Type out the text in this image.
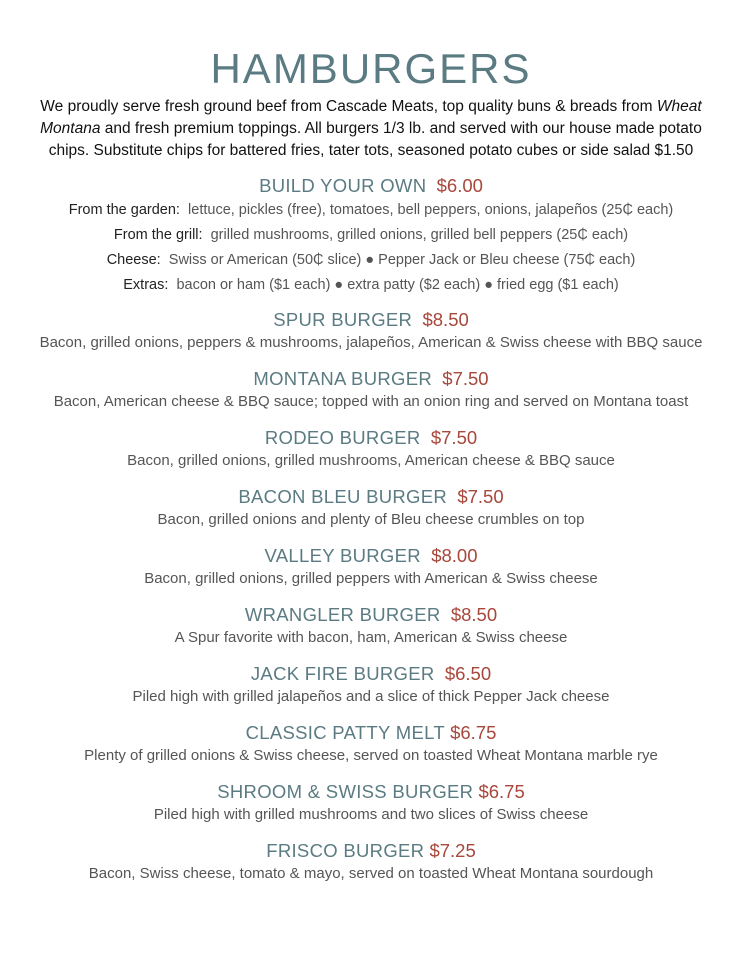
HAMBURGERS

We proudly serve fresh ground beef from Cascade Meats, top quality buns & breads from Wheat Montana and fresh premium toppings. All burgers 1/3 lb. and served with our house made potato chips. Substitute chips for battered fries, tater tots, seasoned potato cubes or side salad $1.50

BUILD YOUR OWN $6.00

From the garden: lettuce, pickles (free), tomatoes, bell peppers, onions, jalapeños (25₵ each)
From the grill: grilled mushrooms, grilled onions, grilled bell peppers (25₵ each)
Cheese: Swiss or American (50₵ slice) ● Pepper Jack or Bleu cheese (75₵ each)
Extras: bacon or ham ($1 each) ● extra patty ($2 each) ● fried egg ($1 each)

SPUR BURGER $8.50

Bacon, grilled onions, peppers & mushrooms, jalapeños, American & Swiss cheese with BBQ sauce

MONTANA BURGER $7.50

Bacon, American cheese & BBQ sauce; topped with an onion ring and served on Montana toast

RODEO BURGER $7.50

Bacon, grilled onions, grilled mushrooms, American cheese & BBQ sauce

BACON BLEU BURGER $7.50

Bacon, grilled onions and plenty of Bleu cheese crumbles on top

VALLEY BURGER $8.00

Bacon, grilled onions, grilled peppers with American & Swiss cheese

WRANGLER BURGER $8.50

A Spur favorite with bacon, ham, American & Swiss cheese

JACK FIRE BURGER $6.50

Piled high with grilled jalapeños and a slice of thick Pepper Jack cheese

CLASSIC PATTY MELT $6.75

Plenty of grilled onions & Swiss cheese, served on toasted Wheat Montana marble rye

SHROOM & SWISS BURGER $6.75

Piled high with grilled mushrooms and two slices of Swiss cheese

FRISCO BURGER $7.25

Bacon, Swiss cheese, tomato & mayo, served on toasted Wheat Montana sourdough
